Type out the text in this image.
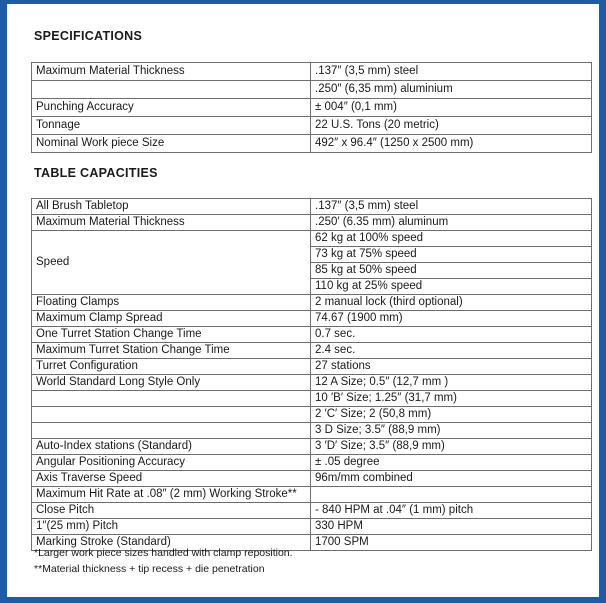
SPECIFICATIONS
Maximum Material Thickness	.137″ (3,5 mm) steel
	.250″ (6,35 mm) aluminium
Punching Accuracy	± 004″ (0,1 mm)
Tonnage	22 U.S. Tons (20 metric)
Nominal Work piece Size	492″ x 96.4″ (1250 x 2500 mm)
TABLE CAPACITIES
All Brush Tabletop	.137″ (3,5 mm) steel
Maximum Material Thickness	.250′ (6.35 mm) aluminum
Speed	62 kg at 100% speed
	73 kg at 75% speed
	85 kg at 50% speed
	110 kg at 25% speed
Floating Clamps	2 manual lock (third optional)
Maximum Clamp Spread	74.67 (1900 mm)
One Turret Station Change Time	0.7 sec.
Maximum Turret Station Change Time	2.4 sec.
Turret Configuration	27 stations
World Standard Long Style Only	12 A Size; 0.5″ (12,7 mm )
	10 ′B′ Size; 1.25″ (31,7 mm)
	2 ′C′ Size; 2 (50,8 mm)
	3 D Size; 3.5″ (88,9 mm)
Auto-Index stations (Standard)	3 ′D′ Size; 3.5″ (88,9 mm)
Angular Positioning Accuracy	± .05 degree
Axis Traverse Speed	96m/mm combined
Maximum Hit Rate at .08″ (2 mm) Working Stroke**	
Close Pitch	- 840 HPM at .04″ (1 mm) pitch
1″(25 mm) Pitch	330 HPM
Marking Stroke (Standard)	1700 SPM
*Larger work piece sizes handled with clamp reposition.
**Material thickness + tip recess + die penetration
